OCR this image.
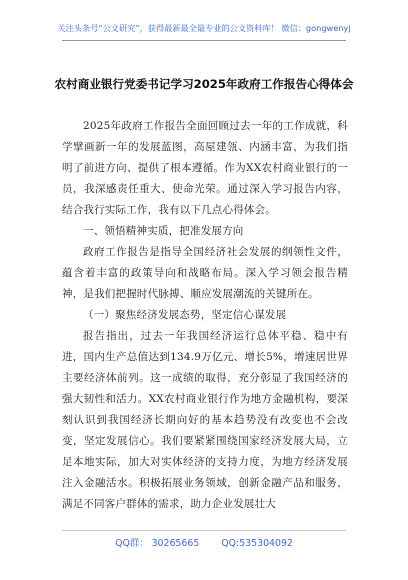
关注头条号“公文研究”，获得最新最全最专业的公文资料库！ 微信：gongwenyj
农村商业银行党委书记学习2025年政府工作报告心得体会

2025年政府工作报告全面回顾过去一年的工作成就，科学擘画新一年的发展蓝图，高屋建瓴、内涵丰富，为我们指明了前进方向、提供了根本遵循。作为XX农村商业银行的一员，我深感责任重大、使命光荣。通过深入学习报告内容，结合我行实际工作，我有以下几点心得体会。

一、领悟精神实质，把准发展方向

政府工作报告是指导全国经济社会发展的纲领性文件，蕴含着丰富的政策导向和战略布局。深入学习领会报告精神，是我们把握时代脉搏、顺应发展潮流的关键所在。

（一）聚焦经济发展态势，坚定信心谋发展

报告指出，过去一年我国经济运行总体平稳、稳中有进，国内生产总值达到134.9万亿元、增长5%，增速居世界主要经济体前列。这一成绩的取得，充分彰显了我国经济的强大韧性和活力。XX农村商业银行作为地方金融机构，要深刻认识到我国经济长期向好的基本趋势没有改变也不会改变，坚定发展信心。我们要紧紧围绕国家经济发展大局，立足本地实际，加大对实体经济的支持力度，为地方经济发展注入金融活水。积极拓展业务领域，创新金融产品和服务，满足不同客户群体的需求，助力企业发展壮大

QQ群： 30265665 QQ:535304092
